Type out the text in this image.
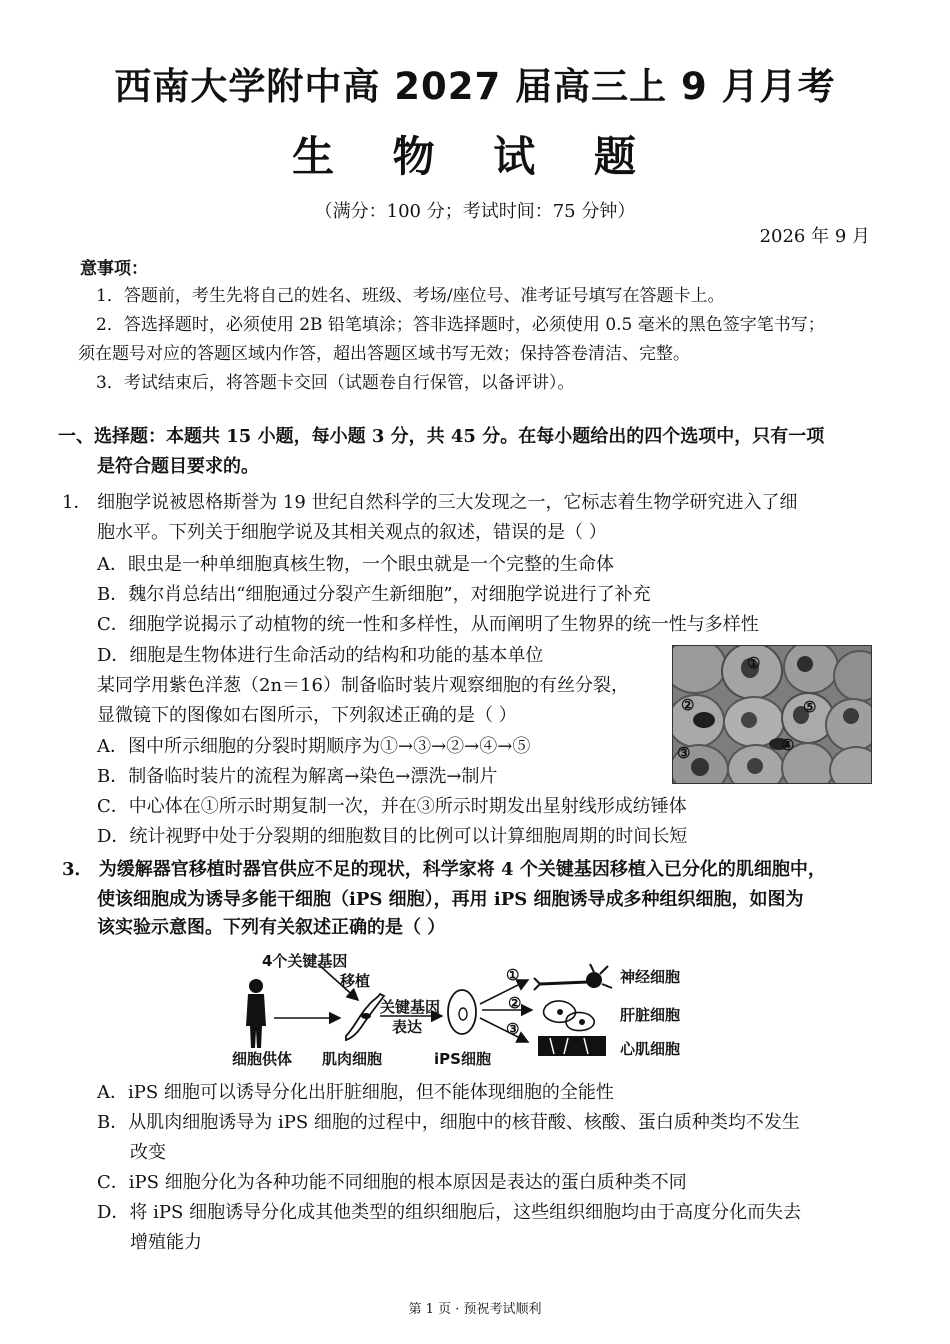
西南大学附中高 2027 届高三上 9 月月考
生 物 试 题
（满分：100 分；考试时间：75 分钟）
2026 年 9 月
意事项：
1．答题前，考生先将自己的姓名、班级、考场/座位号、准考证号填写在答题卡上。
2．答选择题时，必须使用 2B 铅笔填涂；答非选择题时，必须使用 0.5 毫米的黑色签字笔书写；
须在题号对应的答题区域内作答，超出答题区域书写无效；保持答卷清洁、完整。
3．考试结束后，将答题卡交回（试题卷自行保管，以备评讲）。
一、选择题：本题共 15 小题，每小题 3 分，共 45 分。在每小题给出的四个选项中，只有一项
是符合题目要求的。
1． 细胞学说被恩格斯誉为 19 世纪自然科学的三大发现之一，它标志着生物学研究进入了细
胞水平。下列关于细胞学说及其相关观点的叙述，错误的是（ ）
A．眼虫是一种单细胞真核生物，一个眼虫就是一个完整的生命体
B．魏尔肖总结出“细胞通过分裂产生新细胞”，对细胞学说进行了补充
C．细胞学说揭示了动植物的统一性和多样性，从而阐明了生物界的统一性与多样性
D．细胞是生物体进行生命活动的结构和功能的基本单位
某同学用紫色洋葱（2n＝16）制备临时装片观察细胞的有丝分裂，
显微镜下的图像如右图所示，下列叙述正确的是（ ）
A．图中所示细胞的分裂时期顺序为①→③→②→④→⑤
B．制备临时装片的流程为解离→染色→漂洗→制片
C．中心体在①所示时期复制一次，并在③所示时期发出星射线形成纺锤体
D．统计视野中处于分裂期的细胞数目的比例可以计算细胞周期的时间长短
①
②
③	④
⑤
3． 为缓解器官移植时器官供应不足的现状，科学家将 4 个关键基因移植入已分化的肌细胞中，
使该细胞成为诱导多能干细胞（iPS 细胞），再用 iPS 细胞诱导成多种组织细胞，如图为
该实验示意图。下列有关叙述正确的是（ ）
4个关键基因
移植
关键基因
表达
细胞供体 肌肉细胞	iPS细胞
①
②
③
神经细胞
肝脏细胞
心肌细胞
A．iPS 细胞可以诱导分化出肝脏细胞，但不能体现细胞的全能性
B．从肌肉细胞诱导为 iPS 细胞的过程中，细胞中的核苷酸、核酸、蛋白质种类均不发生
改变
C．iPS 细胞分化为各种功能不同细胞的根本原因是表达的蛋白质种类不同
D．将 iPS 细胞诱导分化成其他类型的组织细胞后，这些组织细胞均由于高度分化而失去
增殖能力
第 1 页 · 预祝考试顺利
